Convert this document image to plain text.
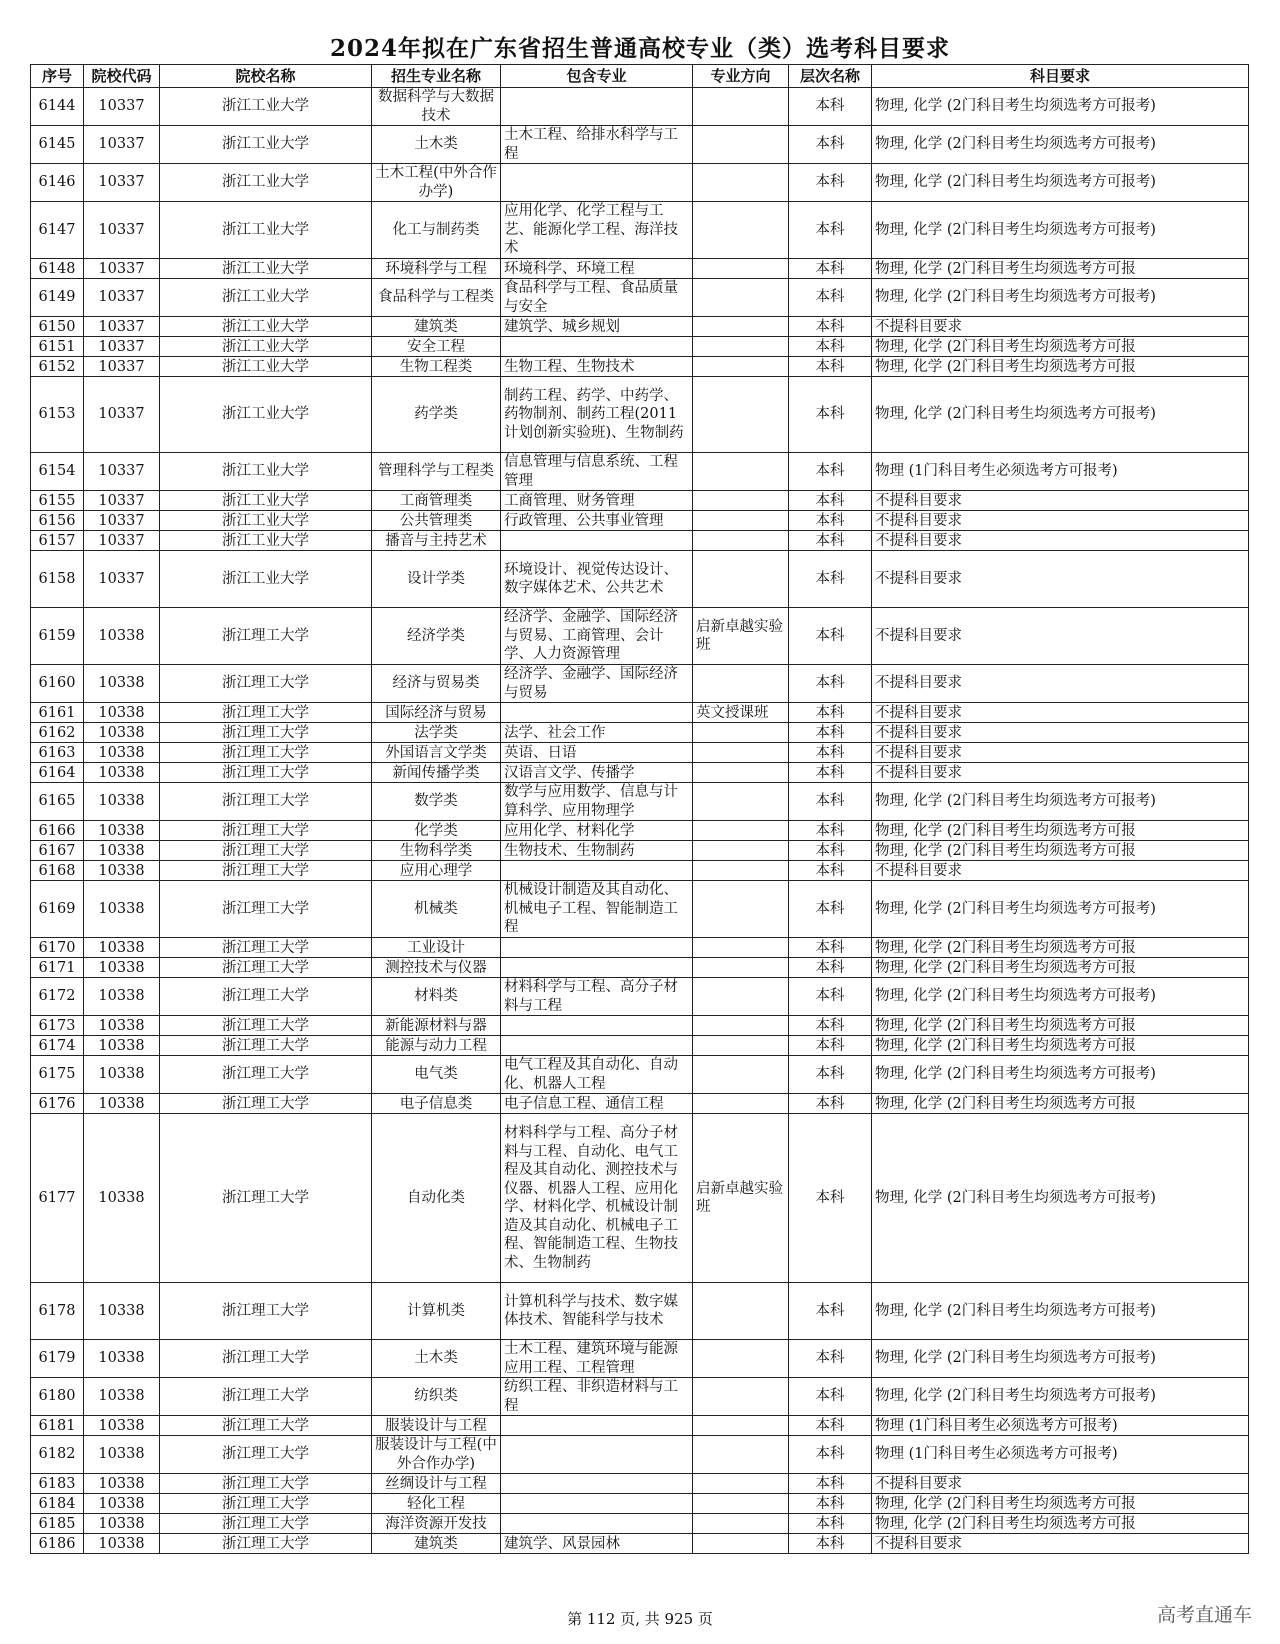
2024年拟在广东省招生普通高校专业（类）选考科目要求
序号	院校代码	院校名称	招生专业名称	包含专业	专业方向	层次名称	科目要求
6144	10337	浙江工业大学	数据科学与大数据技术			本科	物理, 化学 (2门科目考生均须选考方可报考)
6145	10337	浙江工业大学	土木类	土木工程、给排水科学与工程		本科	物理, 化学 (2门科目考生均须选考方可报考)
6146	10337	浙江工业大学	土木工程(中外合作办学)			本科	物理, 化学 (2门科目考生均须选考方可报考)
6147	10337	浙江工业大学	化工与制药类	应用化学、化学工程与工艺、能源化学工程、海洋技术		本科	物理, 化学 (2门科目考生均须选考方可报考)
6148	10337	浙江工业大学	环境科学与工程	环境科学、环境工程		本科	物理, 化学 (2门科目考生均须选考方可报
6149	10337	浙江工业大学	食品科学与工程类	食品科学与工程、食品质量与安全		本科	物理, 化学 (2门科目考生均须选考方可报考)
6150	10337	浙江工业大学	建筑类	建筑学、城乡规划		本科	不提科目要求
6151	10337	浙江工业大学	安全工程			本科	物理, 化学 (2门科目考生均须选考方可报
6152	10337	浙江工业大学	生物工程类	生物工程、生物技术		本科	物理, 化学 (2门科目考生均须选考方可报
6153	10337	浙江工业大学	药学类	制药工程、药学、中药学、药物制剂、制药工程(2011计划创新实验班)、生物制药		本科	物理, 化学 (2门科目考生均须选考方可报考)
6154	10337	浙江工业大学	管理科学与工程类	信息管理与信息系统、工程管理		本科	物理 (1门科目考生必须选考方可报考)
6155	10337	浙江工业大学	工商管理类	工商管理、财务管理		本科	不提科目要求
6156	10337	浙江工业大学	公共管理类	行政管理、公共事业管理		本科	不提科目要求
6157	10337	浙江工业大学	播音与主持艺术			本科	不提科目要求
6158	10337	浙江工业大学	设计学类	环境设计、视觉传达设计、数字媒体艺术、公共艺术		本科	不提科目要求
6159	10338	浙江理工大学	经济学类	经济学、金融学、国际经济与贸易、工商管理、会计学、人力资源管理	启新卓越实验班	本科	不提科目要求
6160	10338	浙江理工大学	经济与贸易类	经济学、金融学、国际经济与贸易		本科	不提科目要求
6161	10338	浙江理工大学	国际经济与贸易		英文授课班	本科	不提科目要求
6162	10338	浙江理工大学	法学类	法学、社会工作		本科	不提科目要求
6163	10338	浙江理工大学	外国语言文学类	英语、日语		本科	不提科目要求
6164	10338	浙江理工大学	新闻传播学类	汉语言文学、传播学		本科	不提科目要求
6165	10338	浙江理工大学	数学类	数学与应用数学、信息与计算科学、应用物理学		本科	物理, 化学 (2门科目考生均须选考方可报考)
6166	10338	浙江理工大学	化学类	应用化学、材料化学		本科	物理, 化学 (2门科目考生均须选考方可报
6167	10338	浙江理工大学	生物科学类	生物技术、生物制药		本科	物理, 化学 (2门科目考生均须选考方可报
6168	10338	浙江理工大学	应用心理学			本科	不提科目要求
6169	10338	浙江理工大学	机械类	机械设计制造及其自动化、机械电子工程、智能制造工程		本科	物理, 化学 (2门科目考生均须选考方可报考)
6170	10338	浙江理工大学	工业设计			本科	物理, 化学 (2门科目考生均须选考方可报
6171	10338	浙江理工大学	测控技术与仪器			本科	物理, 化学 (2门科目考生均须选考方可报
6172	10338	浙江理工大学	材料类	材料科学与工程、高分子材料与工程		本科	物理, 化学 (2门科目考生均须选考方可报考)
6173	10338	浙江理工大学	新能源材料与器			本科	物理, 化学 (2门科目考生均须选考方可报
6174	10338	浙江理工大学	能源与动力工程			本科	物理, 化学 (2门科目考生均须选考方可报
6175	10338	浙江理工大学	电气类	电气工程及其自动化、自动化、机器人工程		本科	物理, 化学 (2门科目考生均须选考方可报考)
6176	10338	浙江理工大学	电子信息类	电子信息工程、通信工程		本科	物理, 化学 (2门科目考生均须选考方可报
6177	10338	浙江理工大学	自动化类	材料科学与工程、高分子材料与工程、自动化、电气工程及其自动化、测控技术与仪器、机器人工程、应用化学、材料化学、机械设计制造及其自动化、机械电子工程、智能制造工程、生物技术、生物制药	启新卓越实验班	本科	物理, 化学 (2门科目考生均须选考方可报考)
6178	10338	浙江理工大学	计算机类	计算机科学与技术、数字媒体技术、智能科学与技术		本科	物理, 化学 (2门科目考生均须选考方可报考)
6179	10338	浙江理工大学	土木类	土木工程、建筑环境与能源应用工程、工程管理		本科	物理, 化学 (2门科目考生均须选考方可报考)
6180	10338	浙江理工大学	纺织类	纺织工程、非织造材料与工程		本科	物理, 化学 (2门科目考生均须选考方可报考)
6181	10338	浙江理工大学	服装设计与工程			本科	物理 (1门科目考生必须选考方可报考)
6182	10338	浙江理工大学	服装设计与工程(中外合作办学)			本科	物理 (1门科目考生必须选考方可报考)
6183	10338	浙江理工大学	丝绸设计与工程			本科	不提科目要求
6184	10338	浙江理工大学	轻化工程			本科	物理, 化学 (2门科目考生均须选考方可报
6185	10338	浙江理工大学	海洋资源开发技			本科	物理, 化学 (2门科目考生均须选考方可报
6186	10338	浙江理工大学	建筑类	建筑学、风景园林		本科	不提科目要求
第 112 页, 共 925 页	高考直通车
